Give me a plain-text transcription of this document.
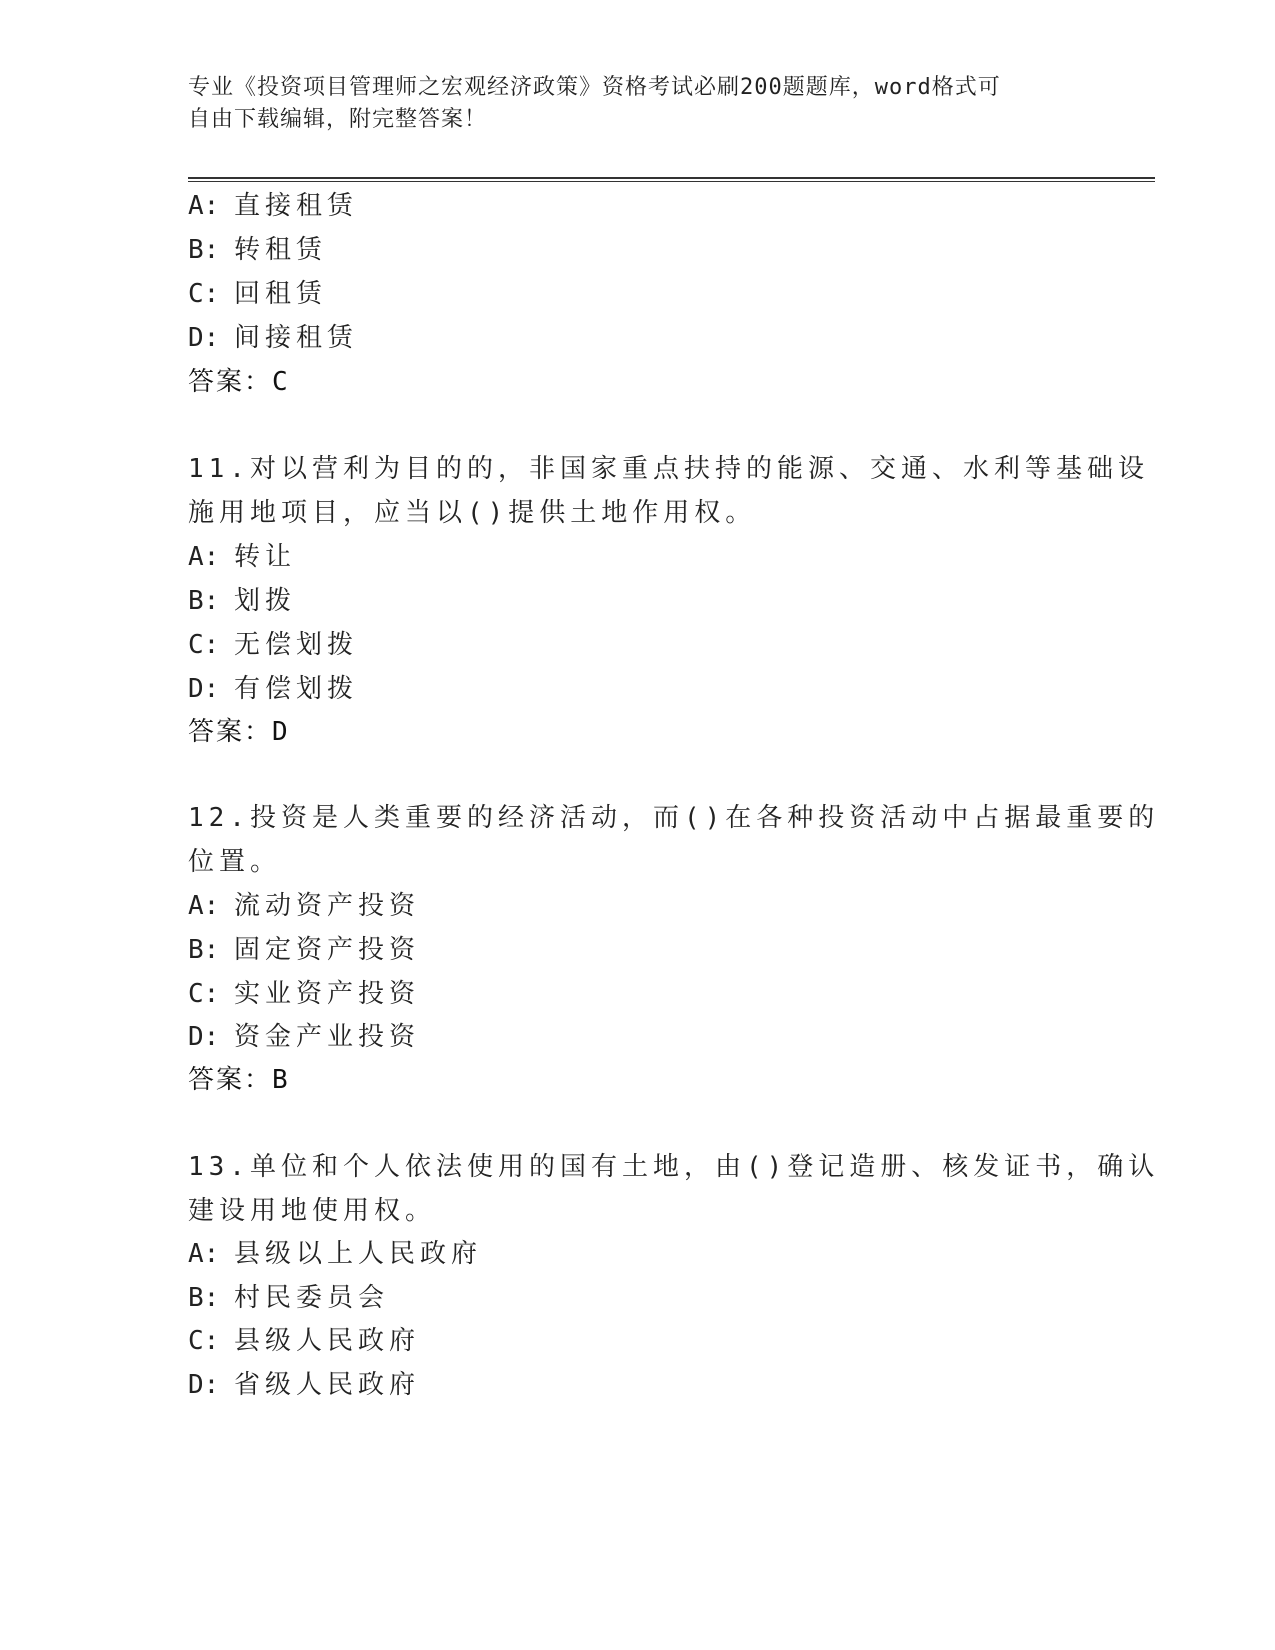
专业《投资项目管理师之宏观经济政策》资格考试必刷200题题库，word格式可
自由下载编辑，附完整答案！
A: 直接租赁
B: 转租赁
C: 回租赁
D: 间接租赁
答案：C
11.对以营利为目的的，非国家重点扶持的能源、交通、水利等基础设
施用地项目，应当以()提供土地作用权。
A: 转让
B: 划拨
C: 无偿划拨
D: 有偿划拨
答案：D
12.投资是人类重要的经济活动，而()在各种投资活动中占据最重要的
位置。
A: 流动资产投资
B: 固定资产投资
C: 实业资产投资
D: 资金产业投资
答案：B
13.单位和个人依法使用的国有土地，由()登记造册、核发证书，确认
建设用地使用权。
A: 县级以上人民政府
B: 村民委员会
C: 县级人民政府
D: 省级人民政府
